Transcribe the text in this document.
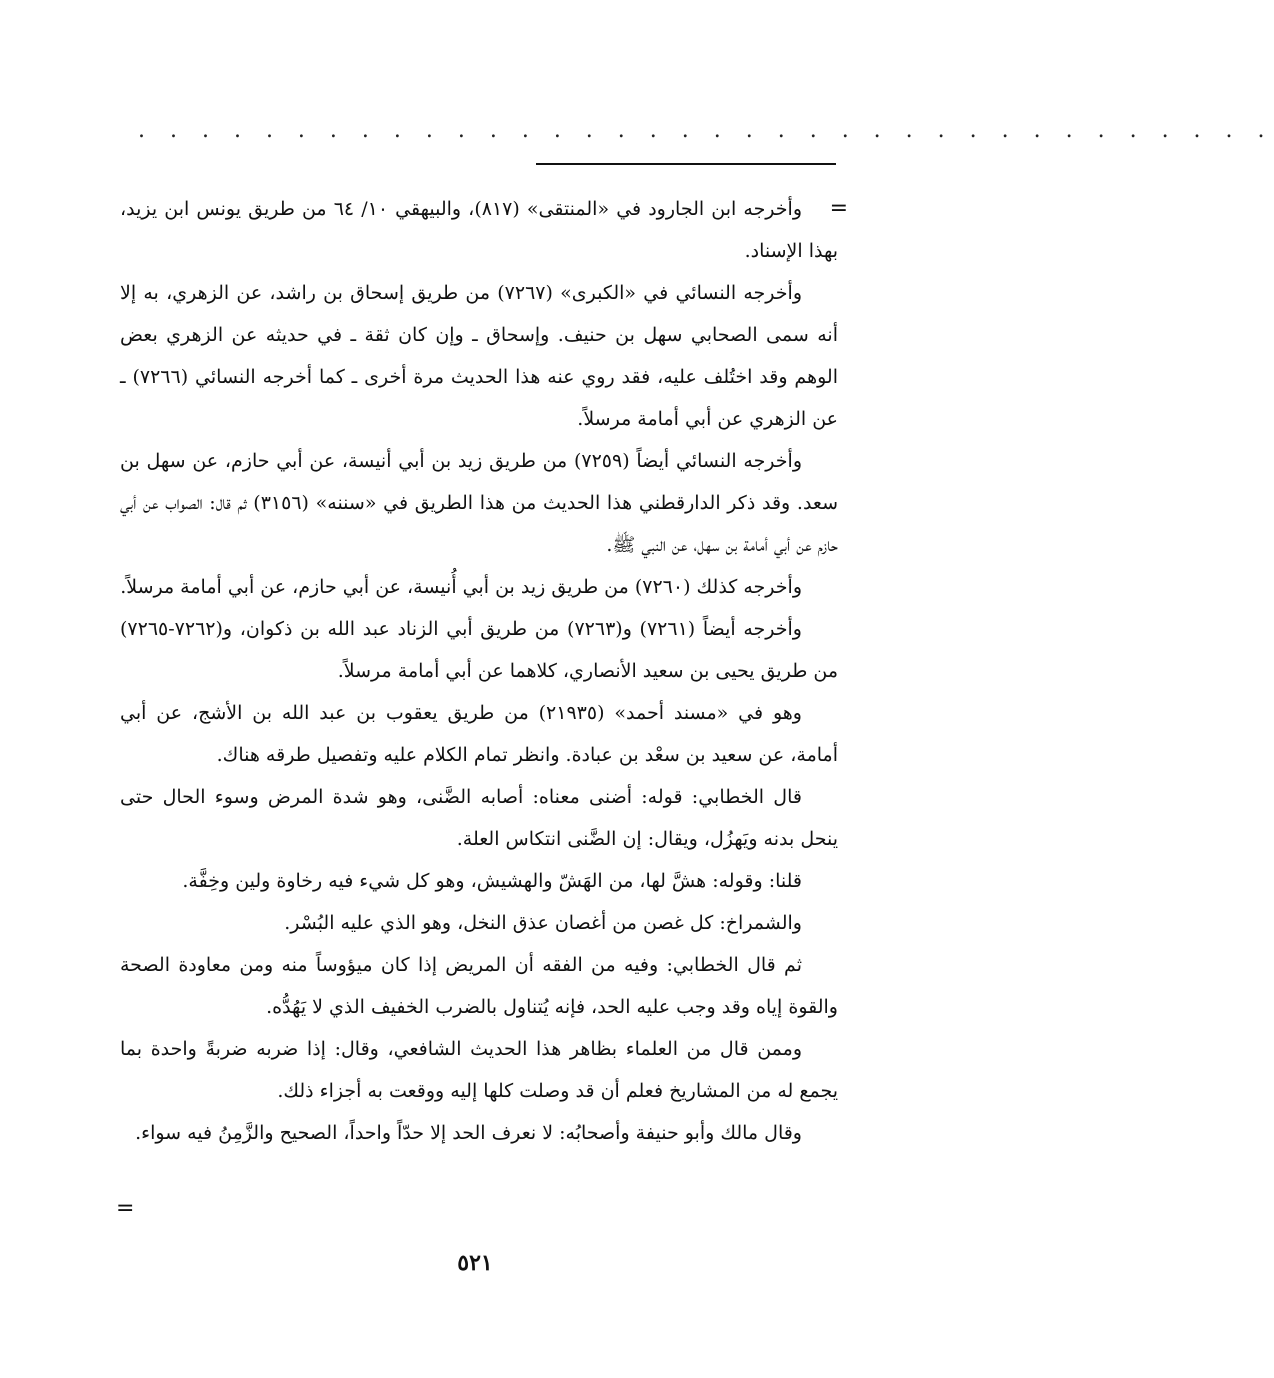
. . . . . . . . . . . . . . . . . . . . . . . . . . . . . . . . . . . .
=

وأخرجه ابن الجارود في «المنتقى» (٨١٧)، والبيهقي ١٠/ ٦٤ من طريق يونس ابن يزيد، بهذا الإسناد.

وأخرجه النسائي في «الكبرى» (٧٢٦٧) من طريق إسحاق بن راشد، عن الزهري، به إلا أنه سمى الصحابي سهل بن حنيف. وإسحاق ـ وإن كان ثقة ـ في حديثه عن الزهري بعض الوهم وقد اختُلف عليه، فقد روي عنه هذا الحديث مرة أخرى ـ كما أخرجه النسائي (٧٢٦٦) ـ عن الزهري عن أبي أمامة مرسلاً.

وأخرجه النسائي أيضاً (٧٢٥٩) من طريق زيد بن أبي أنيسة، عن أبي حازم، عن سهل بن سعد. وقد ذكر الدارقطني هذا الحديث من هذا الطريق في «سننه» (٣١٥٦) ثم قال: الصواب عن أبي حازم عن أبي أمامة بن سهل، عن النبي ﷺ.

وأخرجه كذلك (٧٢٦٠) من طريق زيد بن أبي أُنيسة، عن أبي حازم، عن أبي أمامة مرسلاً.

وأخرجه أيضاً (٧٢٦١) و(٧٢٦٣) من طريق أبي الزناد عبد الله بن ذكوان، و(٧٢٦٢-٧٢٦٥) من طريق يحيى بن سعيد الأنصاري، كلاهما عن أبي أمامة مرسلاً.

وهو في «مسند أحمد» (٢١٩٣٥) من طريق يعقوب بن عبد الله بن الأشج، عن أبي أمامة، عن سعيد بن سعْد بن عبادة. وانظر تمام الكلام عليه وتفصيل طرقه هناك.

قال الخطابي: قوله: أضنى معناه: أصابه الضَّنى، وهو شدة المرض وسوء الحال حتى ينحل بدنه ويَهزُل، ويقال: إن الضَّنى انتكاس العلة.

قلنا: وقوله: هشَّ لها، من الهَشّ والهشيش، وهو كل شيء فيه رخاوة ولين وخِفَّة.

والشمراخ: كل غصن من أغصان عذق النخل، وهو الذي عليه البُسْر.

ثم قال الخطابي: وفيه من الفقه أن المريض إذا كان ميؤوساً منه ومن معاودة الصحة والقوة إياه وقد وجب عليه الحد، فإنه يُتناول بالضرب الخفيف الذي لا يَهُدُّه.

وممن قال من العلماء بظاهر هذا الحديث الشافعي، وقال: إذا ضربه ضربةً واحدة بما يجمع له من المشاريخ فعلم أن قد وصلت كلها إليه ووقعت به أجزاء ذلك.

وقال مالك وأبو حنيفة وأصحابُه: لا نعرف الحد إلا حدّاً واحداً، الصحيح والزَّمِنُ فيه سواء.

=
٥٢١
